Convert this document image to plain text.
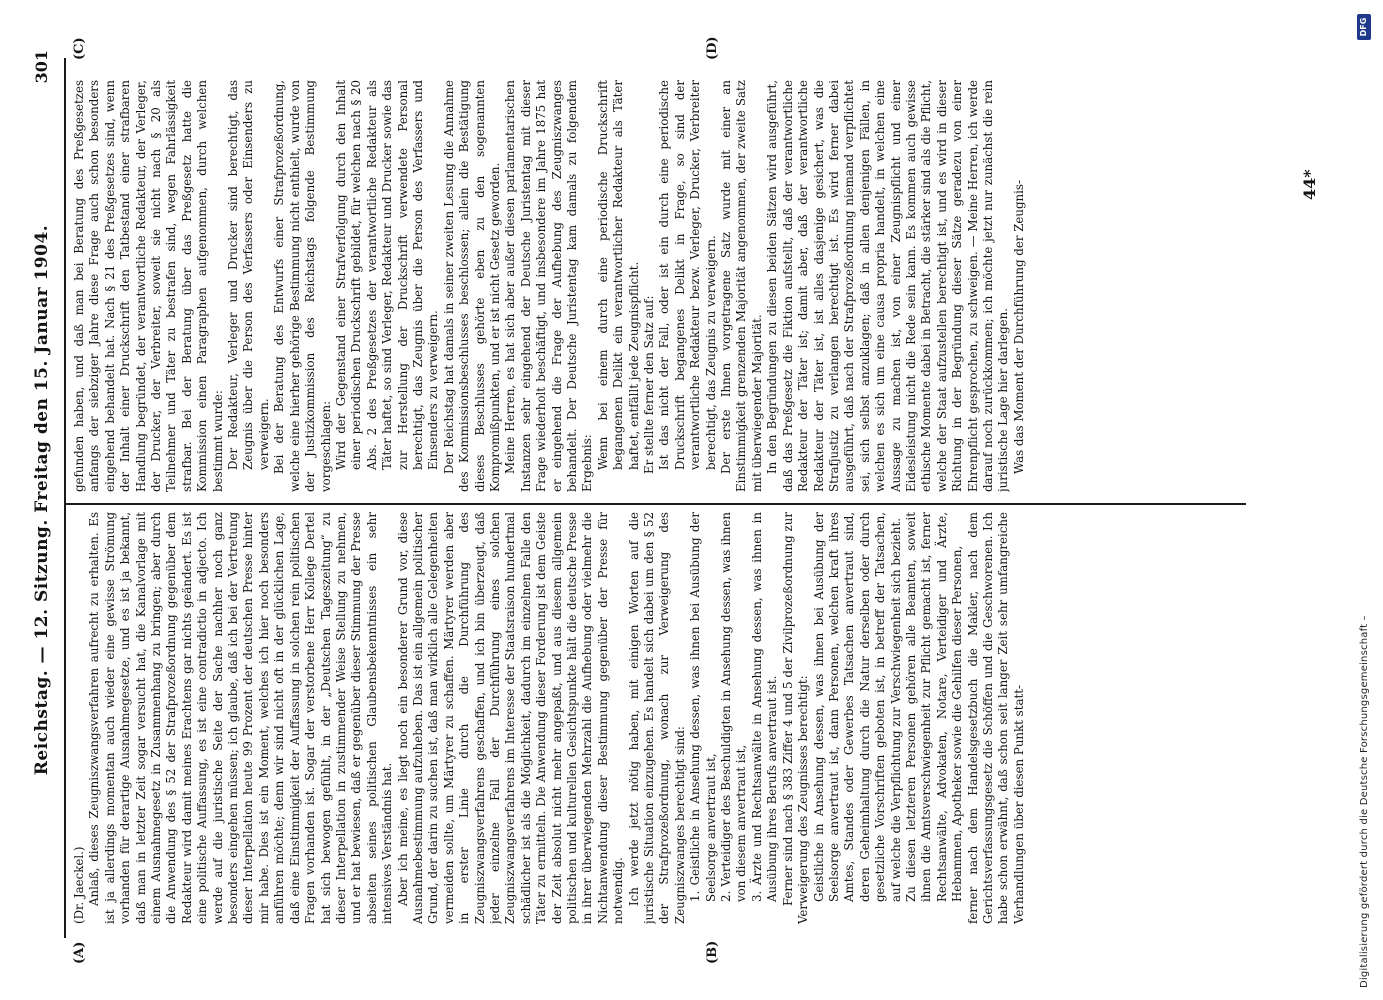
Reichstag. — 12. Sitzung. Freitag den 15. Januar 1904.
301
(A)	(B)
(C)	(D)

(Dr. Jaeckel.) Anlaß, dieses Zeugniszwangsverfahren aufrecht zu erhalten. Es ist ja allerdings momentan auch wieder eine gewisse Strömung vorhanden für derartige Ausnahmegesetze, und es ist ja bekannt, daß man in letzter Zeit sogar versucht hat, die Kanalvorlage mit einem Ausnahmegesetz in Zusammenhang zu bringen; aber durch die Anwendung des § 52 der Strafprozeßordnung gegenüber dem Redakteur wird damit meines Erachtens gar nichts geändert. Es ist eine politische Auffassung, es ist eine contradictio in adjecto. Ich werde auf die juristische Seite der Sache nachher noch ganz besonders eingehen müssen; ich glaube, daß ich bei der Vertretung dieser Interpellation heute 99 Prozent der deutschen Presse hinter mir habe. Dies ist ein Moment, welches ich hier noch besonders anführen möchte; denn wir sind nicht oft in der glücklichen Lage, daß eine Einstimmigkeit der Auffassung in solchen rein politischen Fragen vorhanden ist. Sogar der verstorbene Herr Kollege Dertel hat sich bewogen gefühlt, in der „Deutschen Tageszeitung“ zu dieser Interpellation in zustimmender Weise Stellung zu nehmen, und er hat bewiesen, daß er gegenüber dieser Stimmung der Presse abseiten seines politischen Glaubensbekenntnisses ein sehr intensives Verständnis hat. Aber ich meine, es liegt noch ein besonderer Grund vor, diese Ausnahmebestimmung aufzuheben. Das ist ein allgemein politischer Grund, der darin zu suchen ist, daß man wirklich alle Gelegenheiten vermeiden sollte, um Märtyrer zu schaffen. Märtyrer werden aber in erster Linie durch die Durchführung des Zeugniszwangsverfahrens geschaffen, und ich bin überzeugt, daß jeder einzelne Fall der Durchführung eines solchen Zeugniszwangsverfahrens im Interesse der Staatsraison hundertmal schädlicher ist als die Möglichkeit, dadurch im einzelnen Falle den Täter zu ermitteln. Die Anwendung dieser Forderung ist dem Geiste der Zeit absolut nicht mehr angepaßt, und aus diesem allgemein politischen und kulturellen Gesichtspunkte hält die deutsche Presse in ihrer überwiegenden Mehrzahl die Aufhebung oder vielmehr die Nichtanwendung dieser Bestimmung gegenüber der Presse für notwendig. Ich werde jetzt nötig haben, mit einigen Worten auf die juristische Situation einzugehen. Es handelt sich dabei um den § 52 der Strafprozeßordnung, wonach zur Verweigerung des Zeugniszwanges berechtigt sind: 1. Geistliche in Ansehung dessen, was ihnen bei Ausübung der Seelsorge anvertraut ist, 2. Verteidiger des Beschuldigten in Ansehung dessen, was ihnen von diesem anvertraut ist, 3. Ärzte und Rechtsanwälte in Ansehung dessen, was ihnen in Ausübung ihres Berufs anvertraut ist. Ferner sind nach § 383 Ziffer 4 und 5 der Zivilprozeßordnung zur Verweigerung des Zeugnisses berechtigt: Geistliche in Ansehung dessen, was ihnen bei Ausübung der Seelsorge anvertraut ist, dann Personen, welchen kraft ihres Amtes, Standes oder Gewerbes Tatsachen anvertraut sind, deren Geheimhaltung durch die Natur derselben oder durch gesetzliche Vorschriften geboten ist, in betreff der Tatsachen, auf welche die Verpflichtung zur Verschwiegenheit sich bezieht. Zu diesen letzteren Personen gehören alle Beamten, soweit ihnen die Amtsverschwiegenheit zur Pflicht gemacht ist, ferner Rechtsanwälte, Advokaten, Notare, Verteidiger und Ärzte, Hebammen, Apotheker sowie die Gehilfen dieser Personen, ferner nach dem Handelsgesetzbuch die Makler, nach dem Gerichtsverfassungsgesetz die Schöffen und die Geschworenen. Ich habe schon erwähnt, daß schon seit langer Zeit sehr umfangreiche Verhandlungen über diesen Punkt statt-

gefunden haben, und daß man bei Beratung des Preßgesetzes anfangs der siebziger Jahre diese Frage auch schon besonders eingehend behandelt hat. Nach § 21 des Preßgesetzes sind, wenn der Inhalt einer Druckschrift den Tatbestand einer strafbaren Handlung begründet, der verantwortliche Redakteur, der Verleger, der Drucker, der Verbreiter, soweit sie nicht nach § 20 als Teilnehmer und Täter zu bestrafen sind, wegen Fahrlässigkeit strafbar. Bei der Beratung über das Preßgesetz hatte die Kommission einen Paragraphen aufgenommen, durch welchen bestimmt wurde: Der Redakteur, Verleger und Drucker sind berechtigt, das Zeugnis über die Person des Verfassers oder Einsenders zu verweigern. Bei der Beratung des Entwurfs einer Strafprozeßordnung, welche eine hierher gehörige Bestimmung nicht enthielt, wurde von der Justizkommission des Reichstags folgende Bestimmung vorgeschlagen: Wird der Gegenstand einer Strafverfolgung durch den Inhalt einer periodischen Druckschrift gebildet, für welchen nach § 20 Abs. 2 des Preßgesetzes der verantwortliche Redakteur als Täter haftet, so sind Verleger, Redakteur und Drucker sowie das zur Herstellung der Druckschrift verwendete Personal berechtigt, das Zeugnis über die Person des Verfassers und Einsenders zu verweigern. Der Reichstag hat damals in seiner zweiten Lesung die Annahme des Kommissionsbeschlusses beschlossen; allein die Bestätigung dieses Beschlusses gehörte eben zu den sogenannten Kompromißpunkten, und er ist nicht Gesetz geworden. Meine Herren, es hat sich aber außer diesen parlamentarischen Instanzen sehr eingehend der Deutsche Juristentag mit dieser Frage wiederholt beschäftigt, und insbesondere im Jahre 1875 hat er eingehend die Frage der Aufhebung des Zeugniszwanges behandelt. Der Deutsche Juristentag kam damals zu folgendem Ergebnis: Wenn bei einem durch eine periodische Druckschrift begangenen Delikt ein verantwortlicher Redakteur als Täter haftet, entfällt jede Zeugnispflicht. Er stellte ferner den Satz auf: Ist das nicht der Fall, oder ist ein durch eine periodische Druckschrift begangenes Delikt in Frage, so sind der verantwortliche Redakteur bezw. Verleger, Drucker, Verbreiter berechtigt, das Zeugnis zu verweigern. Der erste Ihnen vorgetragene Satz wurde mit einer an Einstimmigkeit grenzenden Majorität angenommen, der zweite Satz mit überwiegender Majorität. In den Begründungen zu diesen beiden Sätzen wird ausgeführt, daß das Preßgesetz die Fiktion aufstellt, daß der verantwortliche Redakteur der Täter ist; damit aber, daß der verantwortliche Redakteur der Täter ist, ist alles dasjenige gesichert, was die Strafjustiz zu verlangen berechtigt ist. Es wird ferner dabei ausgeführt, daß nach der Strafprozeßordnung niemand verpflichtet sei, sich selbst anzuklagen; daß in allen denjenigen Fällen, in welchen es sich um eine causa propria handelt, in welchen eine Aussage zu machen ist, von einer Zeugnispflicht und einer Eidesleistung nicht die Rede sein kann. Es kommen auch gewisse ethische Momente dabei in Betracht, die stärker sind als die Pflicht, welche der Staat aufzustellen berechtigt ist, und es wird in dieser Richtung in der Begründung dieser Sätze geradezu von einer Ehrenpflicht gesprochen, zu schweigen. — Meine Herren, ich werde darauf noch zurückkommen; ich möchte jetzt nur zunächst die rein juristische Lage hier darlegen. Was das Moment der Durchführung der Zeugnis-	44*
Digitalisierung gefördert durch die Deutsche Forschungsgemeinschaft –
DFG
